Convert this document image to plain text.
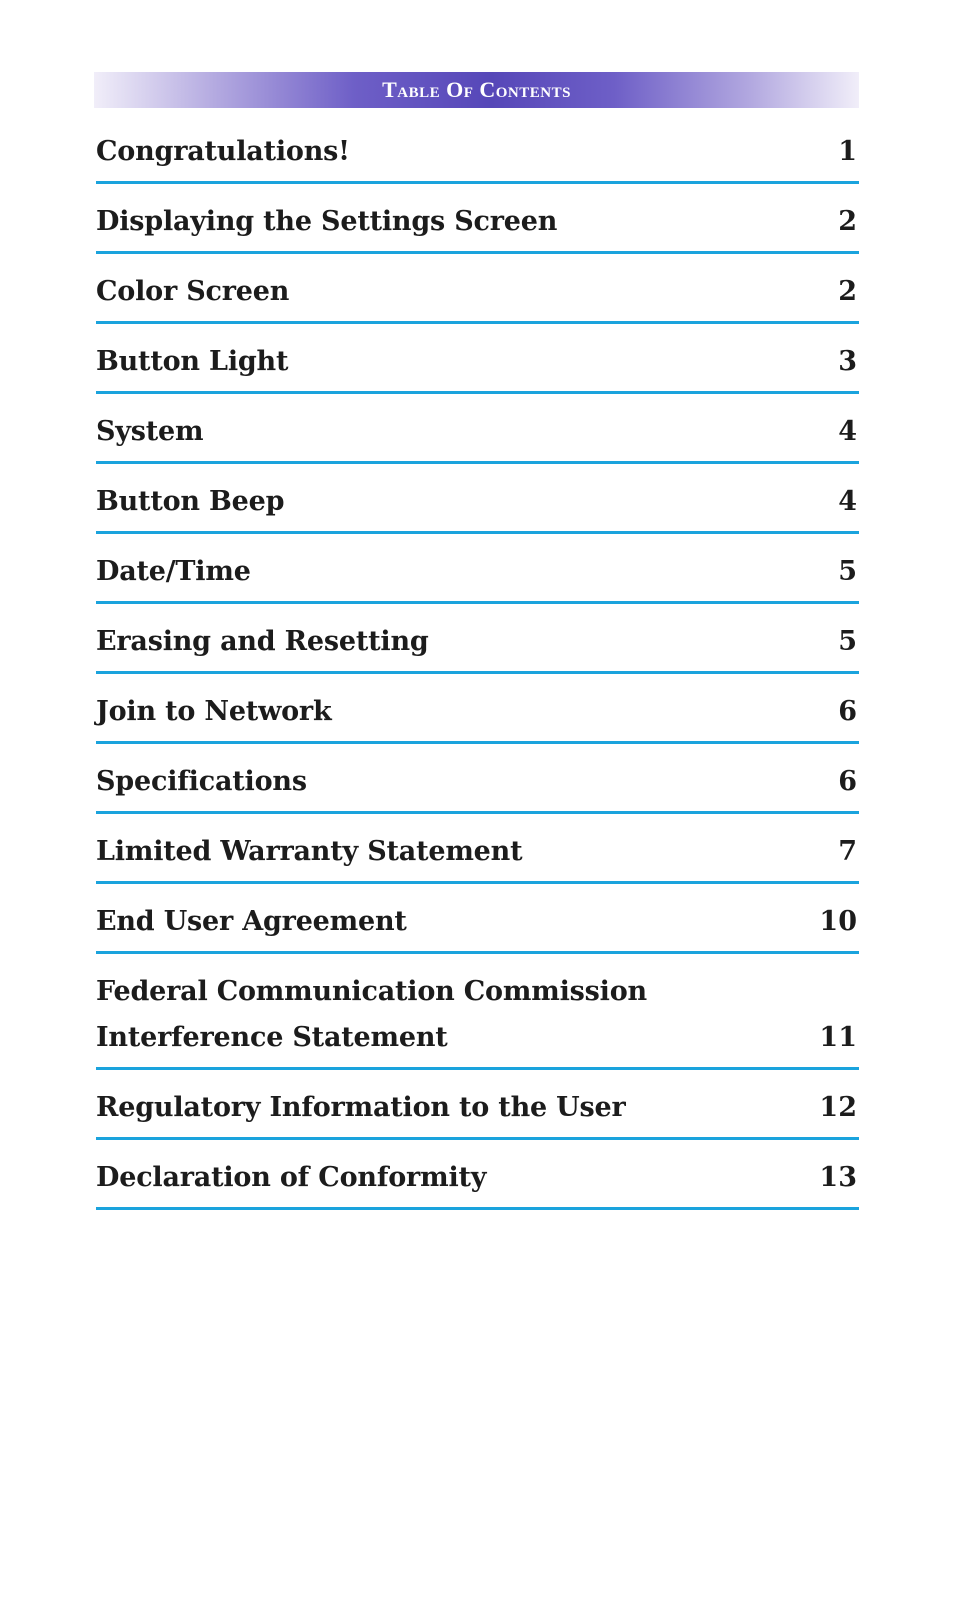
Table Of Contents
Congratulations!	1
Displaying the Settings Screen	2
Color Screen	2
Button Light	3
System	4
Button Beep	4
Date/Time	5
Erasing and Resetting	5
Join to Network	6
Specifications	6
Limited Warranty Statement	7
End User Agreement	10
Federal Communication Commission
Interference Statement	11
Regulatory Information to the User	12
Declaration of Conformity	13
